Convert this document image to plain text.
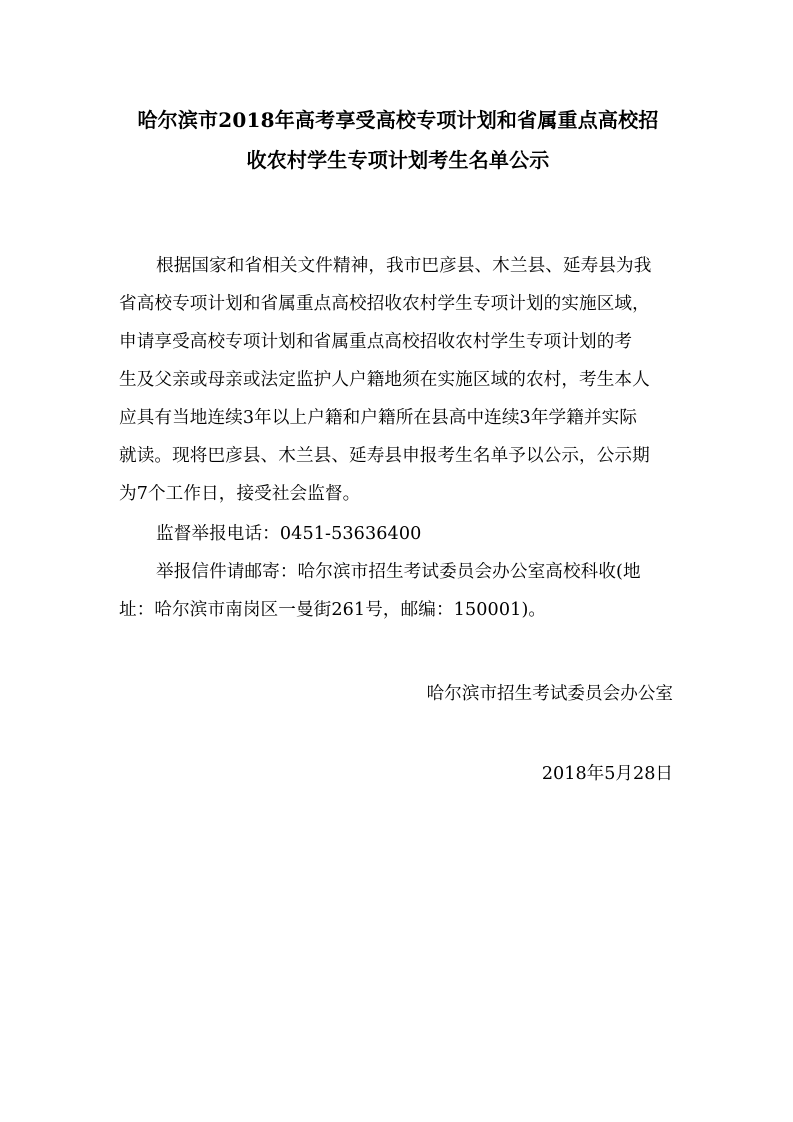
哈尔滨市2018年高考享受高校专项计划和省属重点高校招
收农村学生专项计划考生名单公示
根据国家和省相关文件精神，我市巴彦县、木兰县、延寿县为我
省高校专项计划和省属重点高校招收农村学生专项计划的实施区域，
申请享受高校专项计划和省属重点高校招收农村学生专项计划的考
生及父亲或母亲或法定监护人户籍地须在实施区域的农村，考生本人
应具有当地连续3年以上户籍和户籍所在县高中连续3年学籍并实际
就读。现将巴彦县、木兰县、延寿县申报考生名单予以公示，公示期
为7个工作日，接受社会监督。
监督举报电话：0451-53636400
举报信件请邮寄：哈尔滨市招生考试委员会办公室高校科收(地
址：哈尔滨市南岗区一曼街261号，邮编：150001)。
哈尔滨市招生考试委员会办公室
2018年5月28日
